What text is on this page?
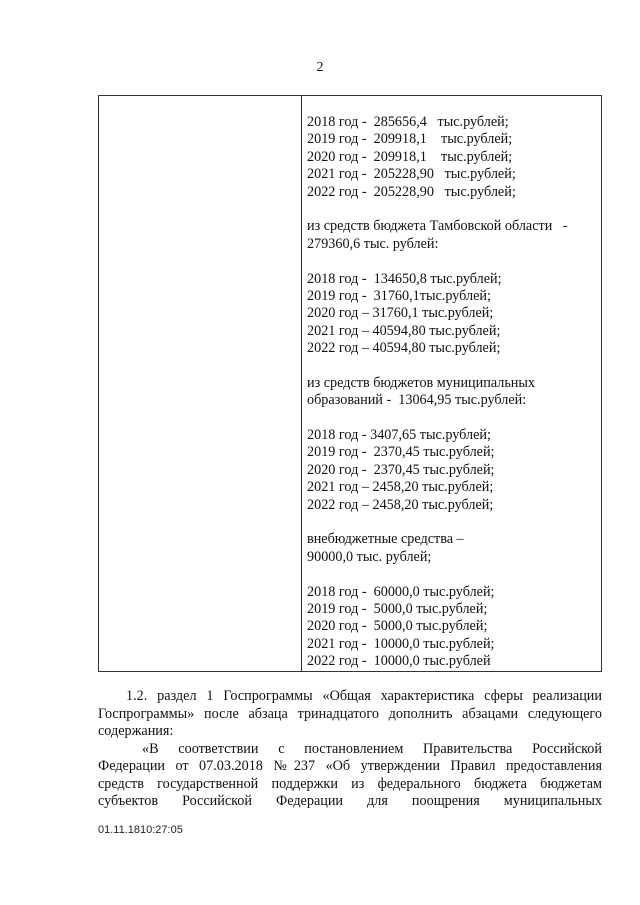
2
2018 год -  285656,4   тыс.рублей;
2019 год -  209918,1    тыс.рублей;
2020 год -  209918,1    тыс.рублей;
2021 год -  205228,90   тыс.рублей;
2022 год -  205228,90   тыс.рублей;
из средств бюджета Тамбовской области   -
279360,6 тыс. рублей:
2018 год -  134650,8 тыс.рублей;
2019 год -  31760,1тыс.рублей;
2020 год – 31760,1 тыс.рублей;
2021 год – 40594,80 тыс.рублей;
2022 год – 40594,80 тыс.рублей;
из средств бюджетов муниципальных
образований -  13064,95 тыс.рублей:
2018 год - 3407,65 тыс.рублей;
2019 год -  2370,45 тыс.рублей;
2020 год -  2370,45 тыс.рублей;
2021 год – 2458,20 тыс.рублей;
2022 год – 2458,20 тыс.рублей;
внебюджетные средства –
90000,0 тыс. рублей;
2018 год -  60000,0 тыс.рублей;
2019 год -  5000,0 тыс.рублей;
2020 год -  5000,0 тыс.рублей;
2021 год -  10000,0 тыс.рублей;
2022 год -  10000,0 тыс.рублей
1.2. раздел 1 Госпрограммы «Общая характеристика сферы реализации
Госпрограммы» после абзаца тринадцатого дополнить абзацами следующего
содержания:
«В соответствии с постановлением Правительства Российской
Федерации от 07.03.2018 №237 «Об утверждении Правил предоставления
средств государственной поддержки из федерального бюджета бюджетам
субъектов Российской Федерации для поощрения муниципальных
01.11.1810:27:05
